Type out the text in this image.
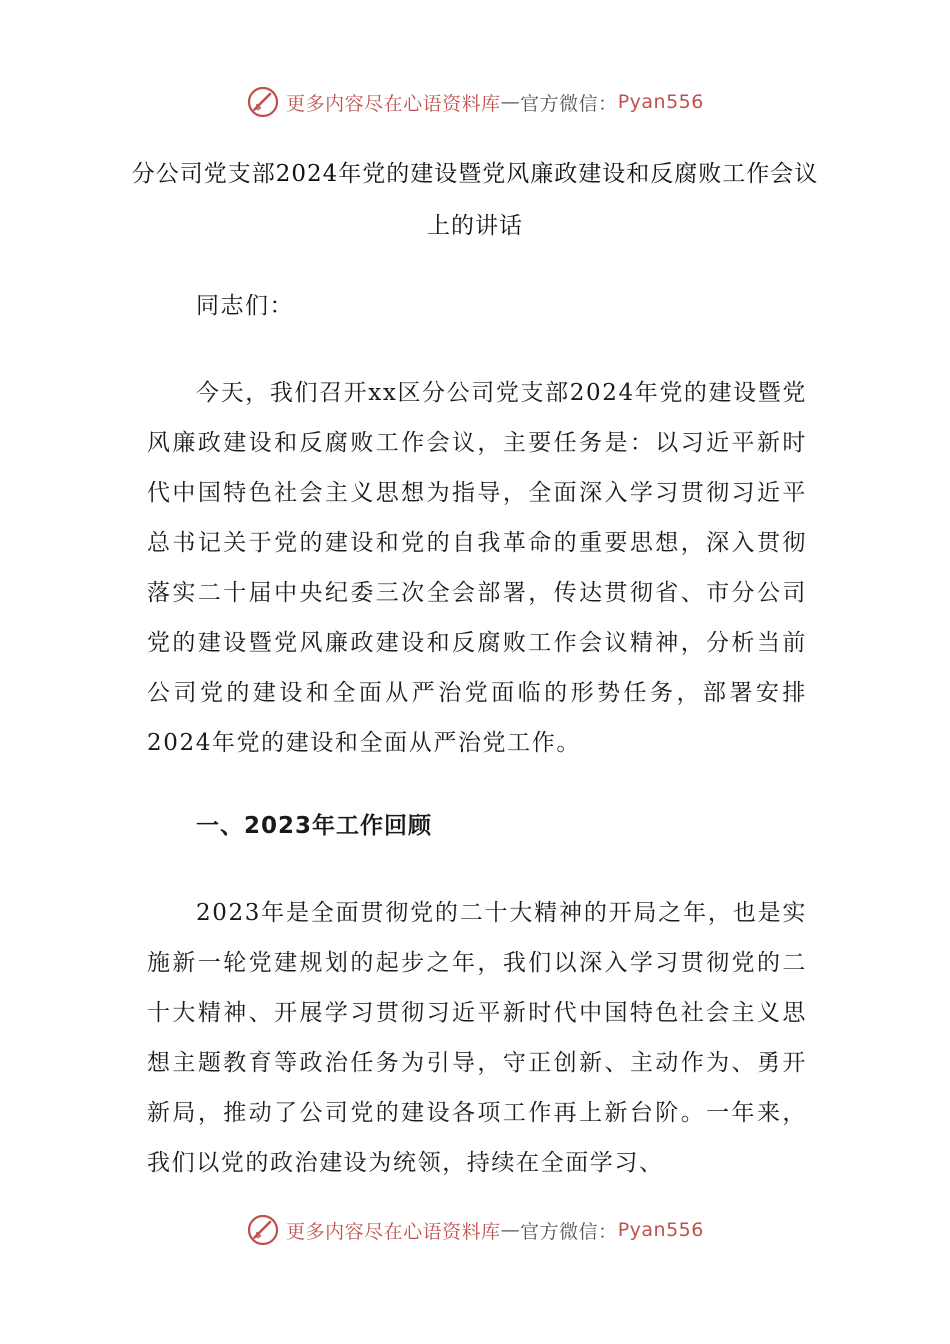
更多内容尽在心语资料库 — 官方微信： Pyan556
分公司党支部2024年党的建设暨党风廉政建设和反腐败工作会议上的讲话
同志们：
今天，我们召开xx区分公司党支部2024年党的建设暨党风廉政建设和反腐败工作会议，主要任务是：以习近平新时代中国特色社会主义思想为指导，全面深入学习贯彻习近平总书记关于党的建设和党的自我革命的重要思想，深入贯彻落实二十届中央纪委三次全会部署，传达贯彻省、市分公司党的建设暨党风廉政建设和反腐败工作会议精神，分析当前公司党的建设和全面从严治党面临的形势任务，部署安排2024年党的建设和全面从严治党工作。
一、2023年工作回顾
2023年是全面贯彻党的二十大精神的开局之年，也是实施新一轮党建规划的起步之年，我们以深入学习贯彻党的二十大精神、开展学习贯彻习近平新时代中国特色社会主义思想主题教育等政治任务为引导，守正创新、主动作为、勇开新局，推动了公司党的建设各项工作再上新台阶。一年来，我们以党的政治建设为统领，持续在全面学习、
更多内容尽在心语资料库 — 官方微信： Pyan556
